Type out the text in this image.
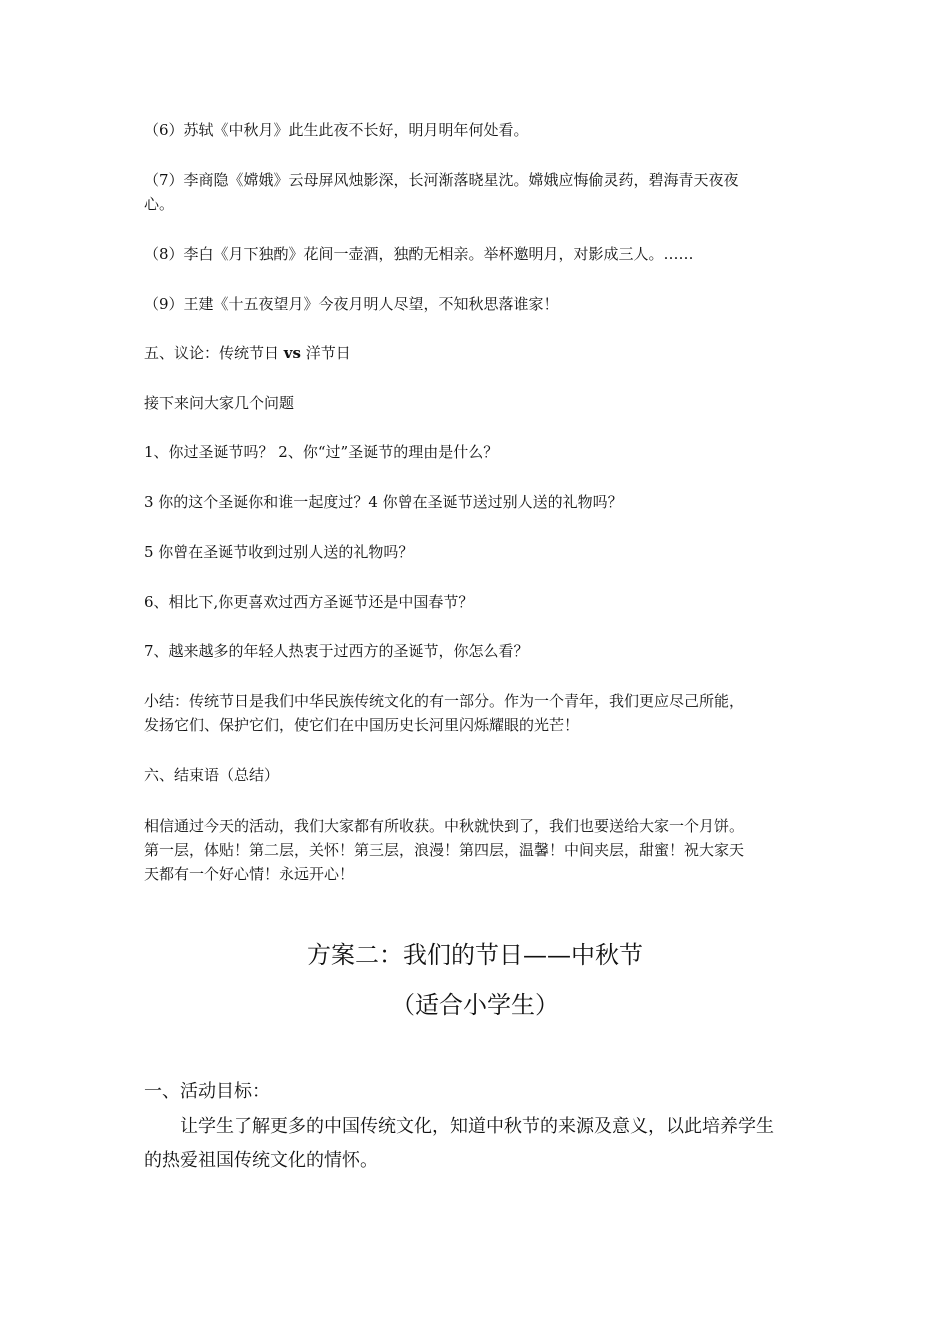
（6）苏轼《中秋月》此生此夜不长好，明月明年何处看。
（7）李商隐《嫦娥》云母屏风烛影深，长河渐落晓星沈。嫦娥应悔偷灵药，碧海青天夜夜
心。
（8）李白《月下独酌》花间一壶酒，独酌无相亲。举杯邀明月，对影成三人。……
（9）王建《十五夜望月》今夜月明人尽望，不知秋思落谁家！
五、议论：传统节日 vs 洋节日
接下来问大家几个问题
1、你过圣诞节吗？ 2、你“过”圣诞节的理由是什么？
3 你的这个圣诞你和谁一起度过？4 你曾在圣诞节送过别人送的礼物吗？
5 你曾在圣诞节收到过别人送的礼物吗？
6、相比下,你更喜欢过西方圣诞节还是中国春节？
7、越来越多的年轻人热衷于过西方的圣诞节，你怎么看？
小结：传统节日是我们中华民族传统文化的有一部分。作为一个青年，我们更应尽己所能，
发扬它们、保护它们，使它们在中国历史长河里闪烁耀眼的光芒！
六、结束语（总结）
相信通过今天的活动，我们大家都有所收获。中秋就快到了，我们也要送给大家一个月饼。
第一层，体贴！第二层，关怀！第三层，浪漫！第四层，温馨！中间夹层，甜蜜！祝大家天
天都有一个好心情！永远开心！
方案二：我们的节日——中秋节
（适合小学生）
一、活动目标：
让学生了解更多的中国传统文化，知道中秋节的来源及意义，以此培养学生
的热爱祖国传统文化的情怀。
